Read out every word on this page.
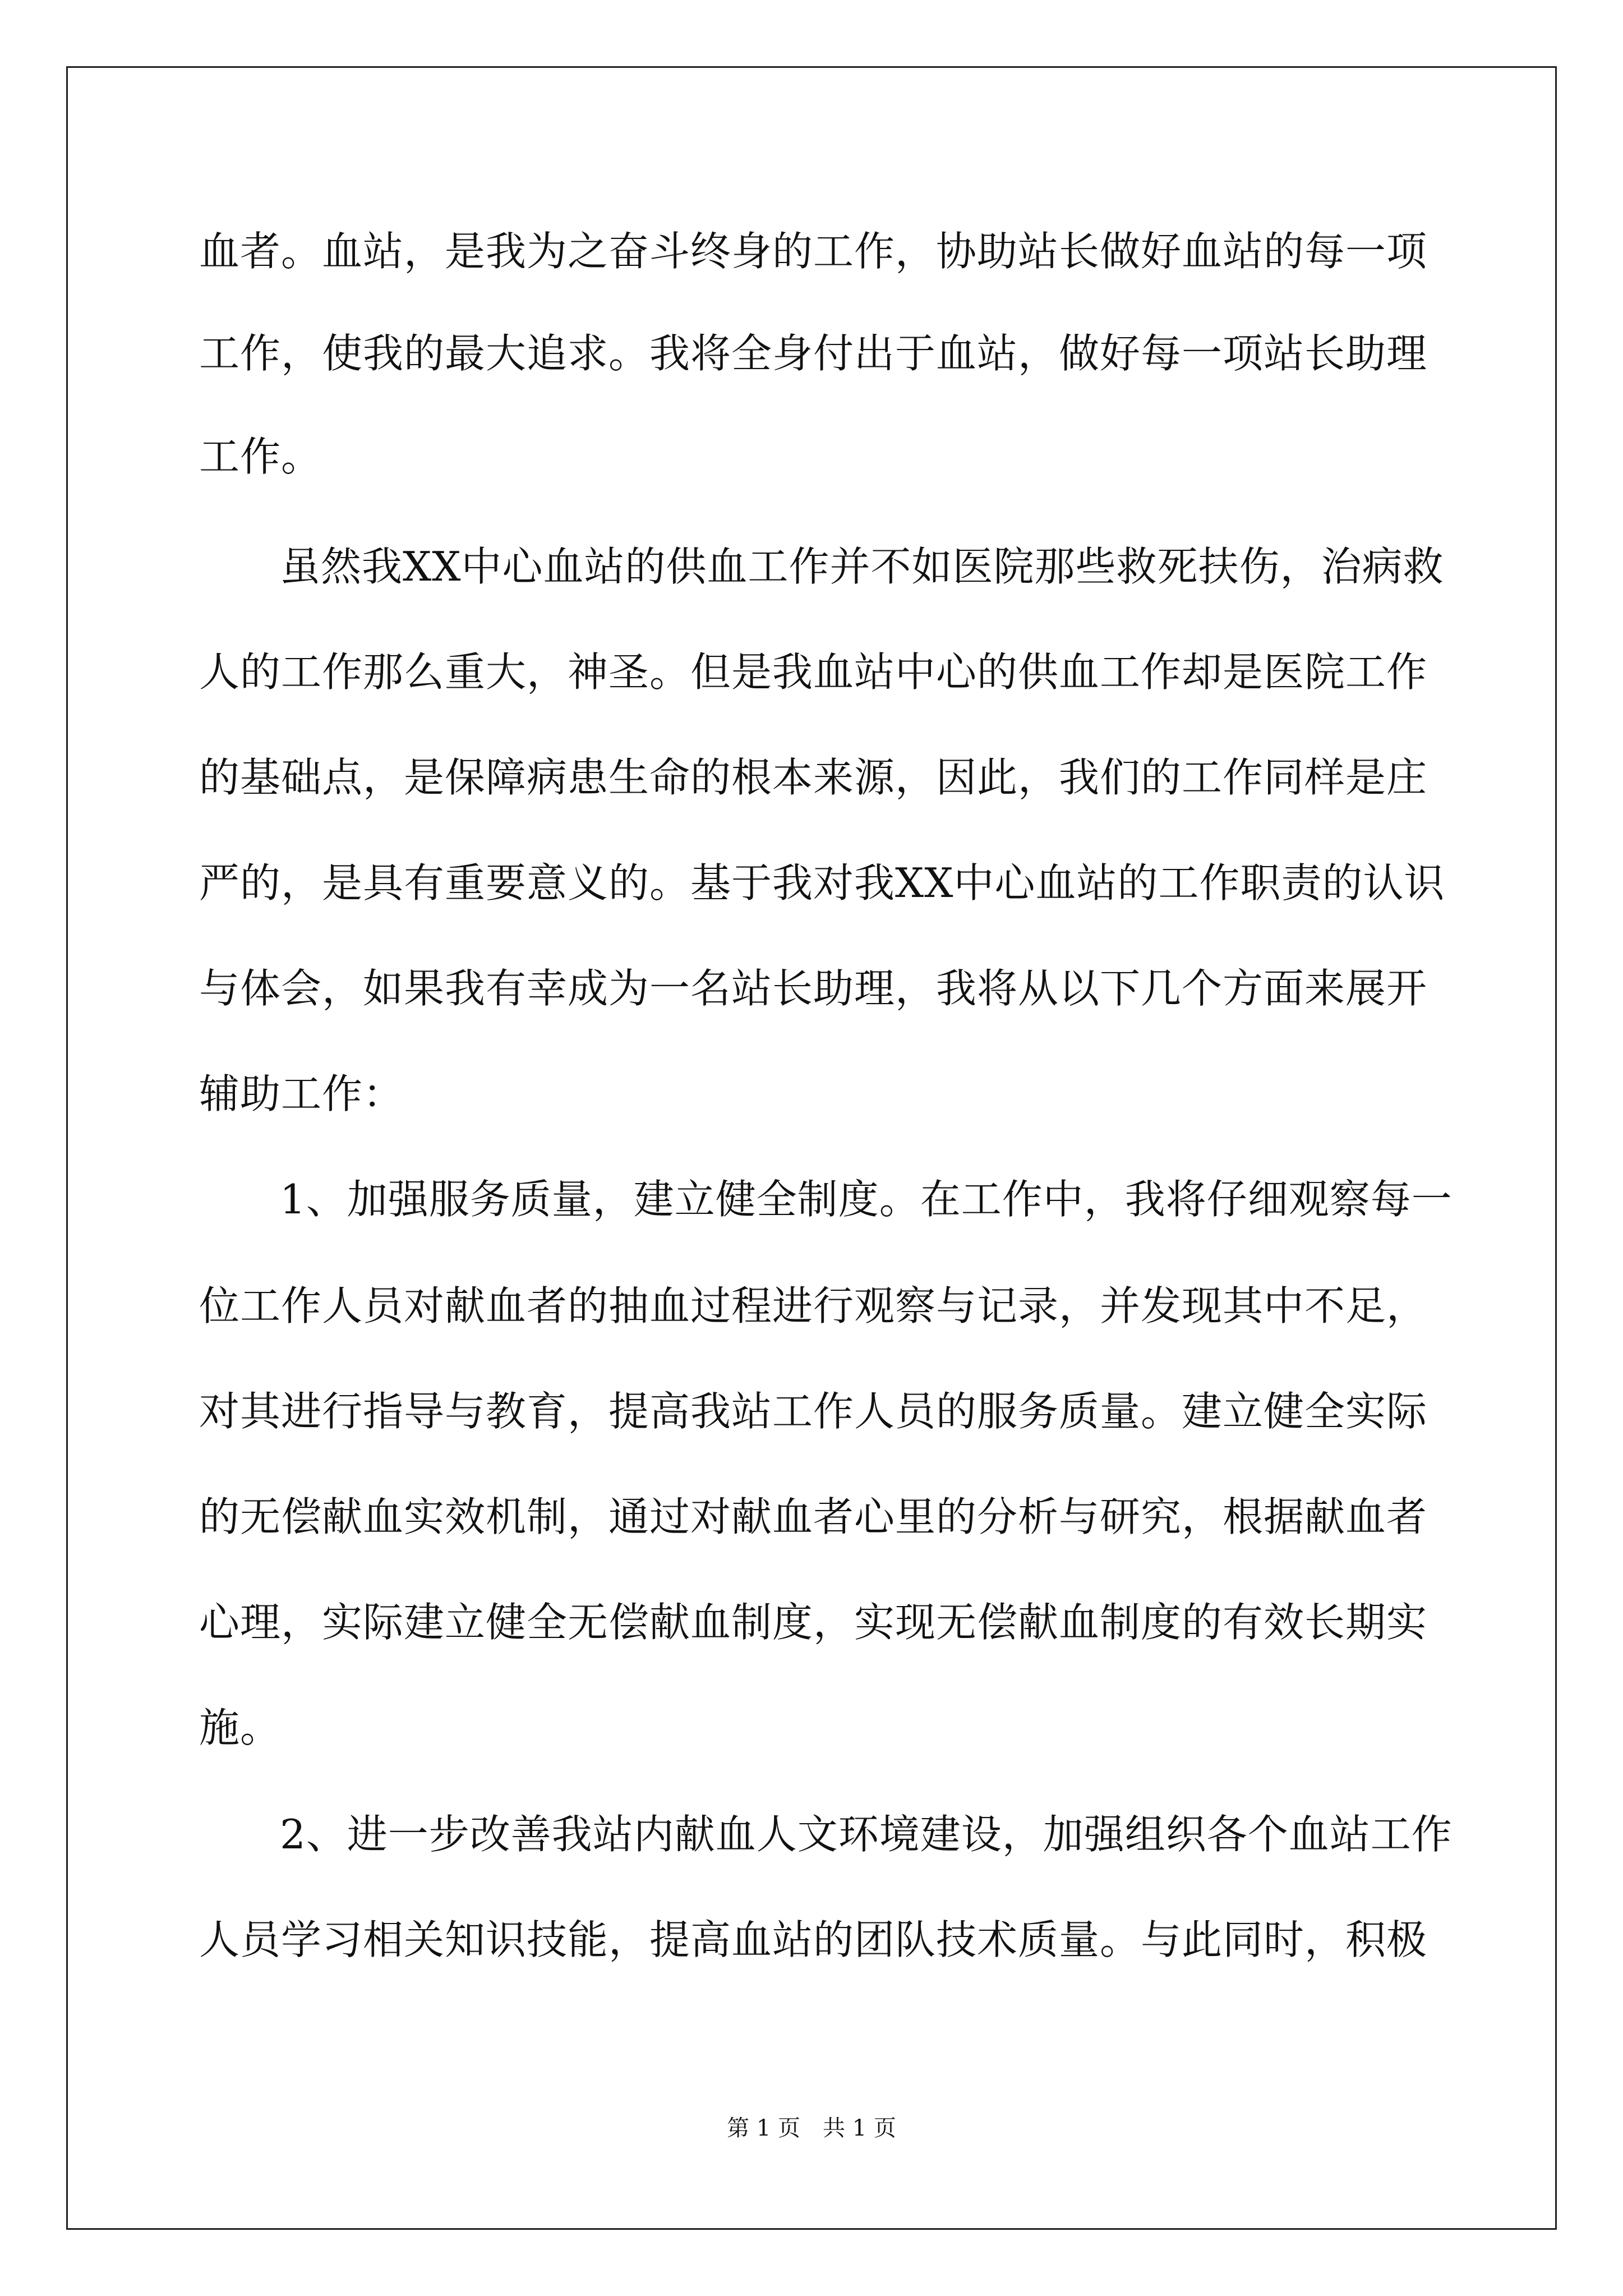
血者。血站，是我为之奋斗终身的工作，协助站长做好血站的每一项
工作，使我的最大追求。我将全身付出于血站，做好每一项站长助理
工作。
虽然我XX中心血站的供血工作并不如医院那些救死扶伤，治病救
人的工作那么重大，神圣。但是我血站中心的供血工作却是医院工作
的基础点，是保障病患生命的根本来源，因此，我们的工作同样是庄
严的，是具有重要意义的。基于我对我XX中心血站的工作职责的认识
与体会，如果我有幸成为一名站长助理，我将从以下几个方面来展开
辅助工作：
1、加强服务质量，建立健全制度。在工作中，我将仔细观察每一
位工作人员对献血者的抽血过程进行观察与记录，并发现其中不足，
对其进行指导与教育，提高我站工作人员的服务质量。建立健全实际
的无偿献血实效机制，通过对献血者心里的分析与研究，根据献血者
心理，实际建立健全无偿献血制度，实现无偿献血制度的有效长期实
施。
2、进一步改善我站内献血人文环境建设，加强组织各个血站工作
人员学习相关知识技能，提高血站的团队技术质量。与此同时，积极
第 1 页　共 1 页
